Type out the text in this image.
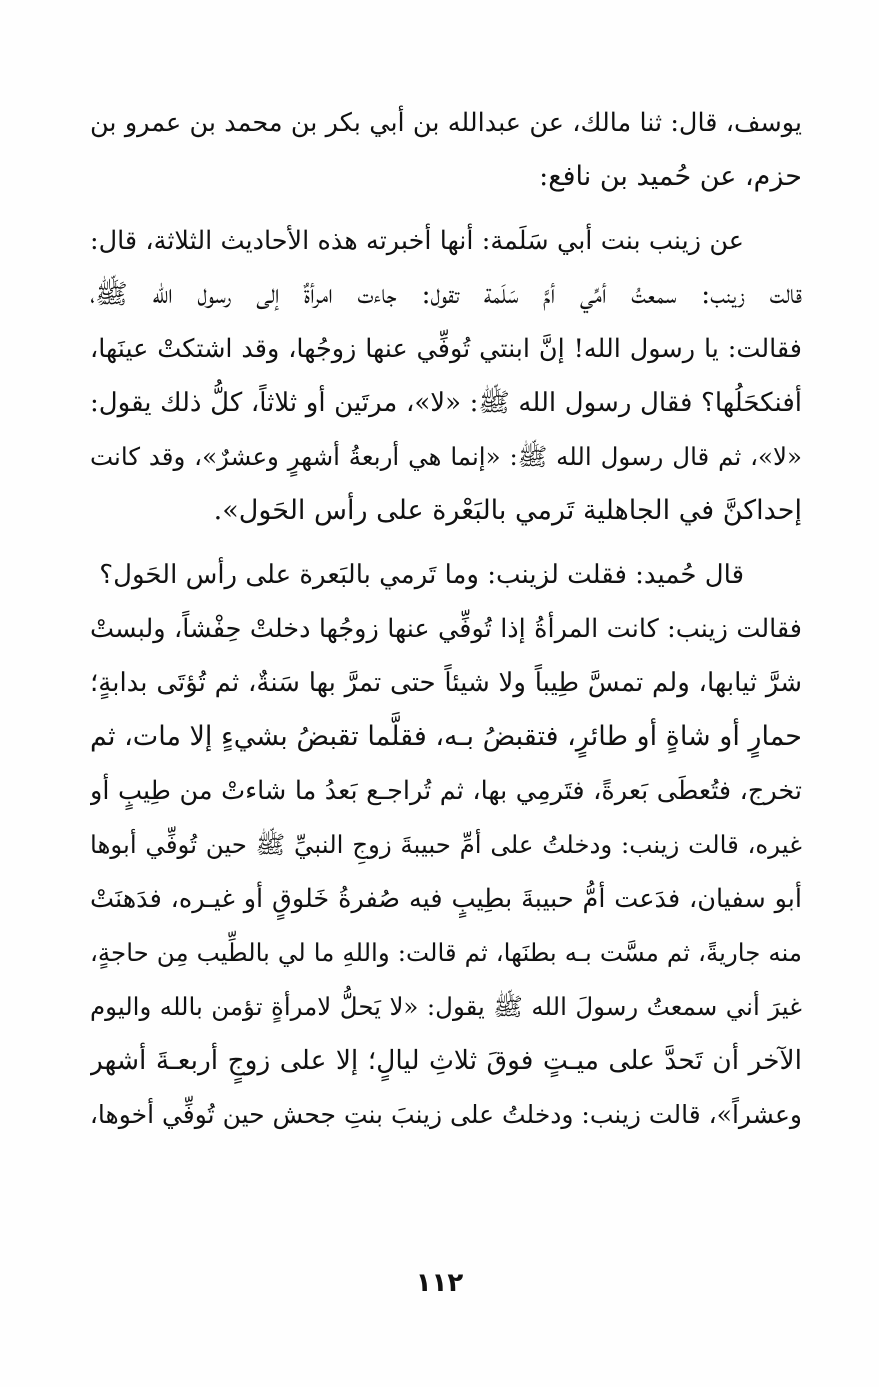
يوسف، قال: ثنا مالك، عن عبدالله بن أبي بكر بن محمد بن عمرو بن
حزم، عن حُميد بن نافع:
عن زينب بنت أبي سَلَمة: أنها أخبرته هذه الأحاديث الثلاثة، قال:
قالت زينب: سمعتُ أمِّي أمَّ سَلَمة تقول: جاءت امرأةٌ إلى رسول الله ﷺ،
فقالت: يا رسول الله! إنَّ ابنتي تُوفِّي عنها زوجُها، وقد اشتكتْ عينَها،
أفنكحَلُها؟ فقال رسول الله ﷺ: «لا»، مرتَين أو ثلاثاً، كلُّ ذلك يقول:
«لا»، ثم قال رسول الله ﷺ: «إنما هي أربعةُ أشهرٍ وعشرٌ»، وقد كانت
إحداكنَّ في الجاهلية تَرمي بالبَعْرة على رأس الحَول».
قال حُميد: فقلت لزينب: وما تَرمي بالبَعرة على رأس الحَول؟
فقالت زينب: كانت المرأةُ إذا تُوفِّي عنها زوجُها دخلتْ حِفْشاً، ولبستْ
شرَّ ثيابها، ولم تمسَّ طِيباً ولا شيئاً حتى تمرَّ بها سَنةٌ، ثم تُؤتَى بدابةٍ؛
حمارٍ أو شاةٍ أو طائرٍ، فتقبضُ بـه، فقلَّما تقبضُ بشيءٍ إلا مات، ثم
تخرج، فتُعطَى بَعرةً، فتَرمِي بها، ثم تُراجـع بَعدُ ما شاءتْ من طِيبٍ أو
غيره، قالت زينب: ودخلتُ على أمِّ حبيبةَ زوجِ النبيِّ ﷺ حين تُوفِّي أبوها
أبو سفيان، فدَعت أمُّ حبيبةَ بطِيبٍ فيه صُفرةُ خَلوقٍ أو غيـره، فدَهنَتْ
منه جاريةً، ثم مسَّت بـه بطنَها، ثم قالت: واللهِ ما لي بالطِّيب مِن حاجةٍ،
غيرَ أني سمعتُ رسولَ الله ﷺ يقول: «لا يَحلُّ لامرأةٍ تؤمن بالله واليوم
الآخر أن تَحدَّ على ميـتٍ فوقَ ثلاثِ ليالٍ؛ إلا على زوجٍ أربعـةَ أشهر
وعشراً»، قالت زينب: ودخلتُ على زينبَ بنتِ جحش حين تُوفِّي أخوها،
١١٢
